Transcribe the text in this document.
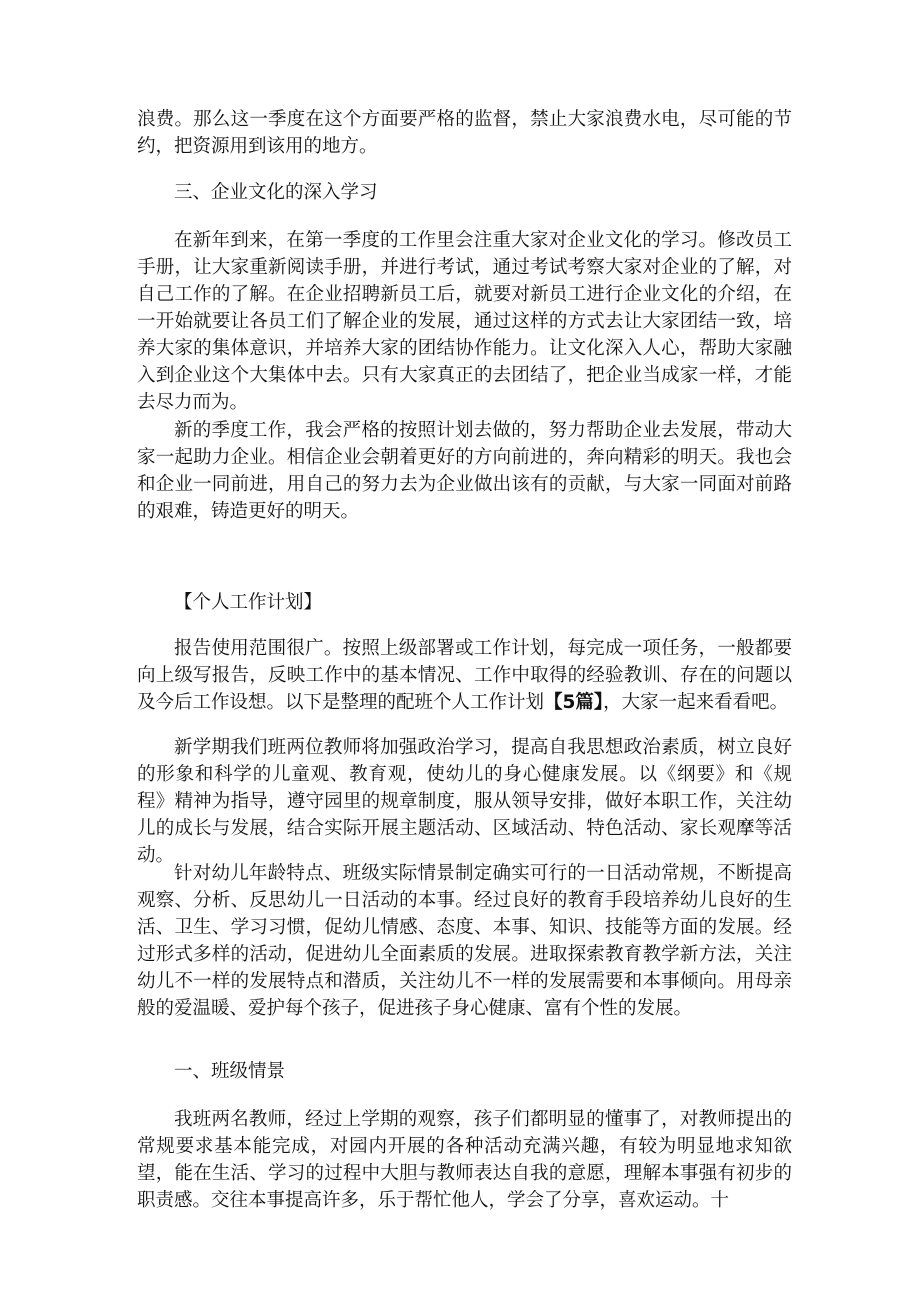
浪费。那么这一季度在这个方面要严格的监督，禁止大家浪费水电，尽可能的节约，把资源用到该用的地方。

三、企业文化的深入学习

在新年到来，在第一季度的工作里会注重大家对企业文化的学习。修改员工手册，让大家重新阅读手册，并进行考试，通过考试考察大家对企业的了解，对自己工作的了解。在企业招聘新员工后，就要对新员工进行企业文化的介绍，在一开始就要让各员工们了解企业的发展，通过这样的方式去让大家团结一致，培养大家的集体意识，并培养大家的团结协作能力。让文化深入人心，帮助大家融入到企业这个大集体中去。只有大家真正的去团结了，把企业当成家一样，才能去尽力而为。

新的季度工作，我会严格的按照计划去做的，努力帮助企业去发展，带动大家一起助力企业。相信企业会朝着更好的方向前进的，奔向精彩的明天。我也会和企业一同前进，用自己的努力去为企业做出该有的贡献，与大家一同面对前路的艰难，铸造更好的明天。

【个人工作计划】

报告使用范围很广。按照上级部署或工作计划，每完成一项任务，一般都要向上级写报告，反映工作中的基本情况、工作中取得的经验教训、存在的问题以及今后工作设想。以下是整理的配班个人工作计划【5篇】，大家一起来看看吧。

新学期我们班两位教师将加强政治学习，提高自我思想政治素质，树立良好的形象和科学的儿童观、教育观，使幼儿的身心健康发展。以《纲要》和《规程》精神为指导，遵守园里的规章制度，服从领导安排，做好本职工作，关注幼儿的成长与发展，结合实际开展主题活动、区域活动、特色活动、家长观摩等活动。

针对幼儿年龄特点、班级实际情景制定确实可行的一日活动常规，不断提高观察、分析、反思幼儿一日活动的本事。经过良好的教育手段培养幼儿良好的生活、卫生、学习习惯，促幼儿情感、态度、本事、知识、技能等方面的发展。经过形式多样的活动，促进幼儿全面素质的发展。进取探索教育教学新方法，关注幼儿不一样的发展特点和潜质，关注幼儿不一样的发展需要和本事倾向。用母亲般的爱温暖、爱护每个孩子，促进孩子身心健康、富有个性的发展。

一、班级情景

我班两名教师，经过上学期的观察，孩子们都明显的懂事了，对教师提出的常规要求基本能完成，对园内开展的各种活动充满兴趣，有较为明显地求知欲望，能在生活、学习的过程中大胆与教师表达自我的意愿，理解本事强有初步的职责感。交往本事提高许多，乐于帮忙他人，学会了分享，喜欢运动。十
